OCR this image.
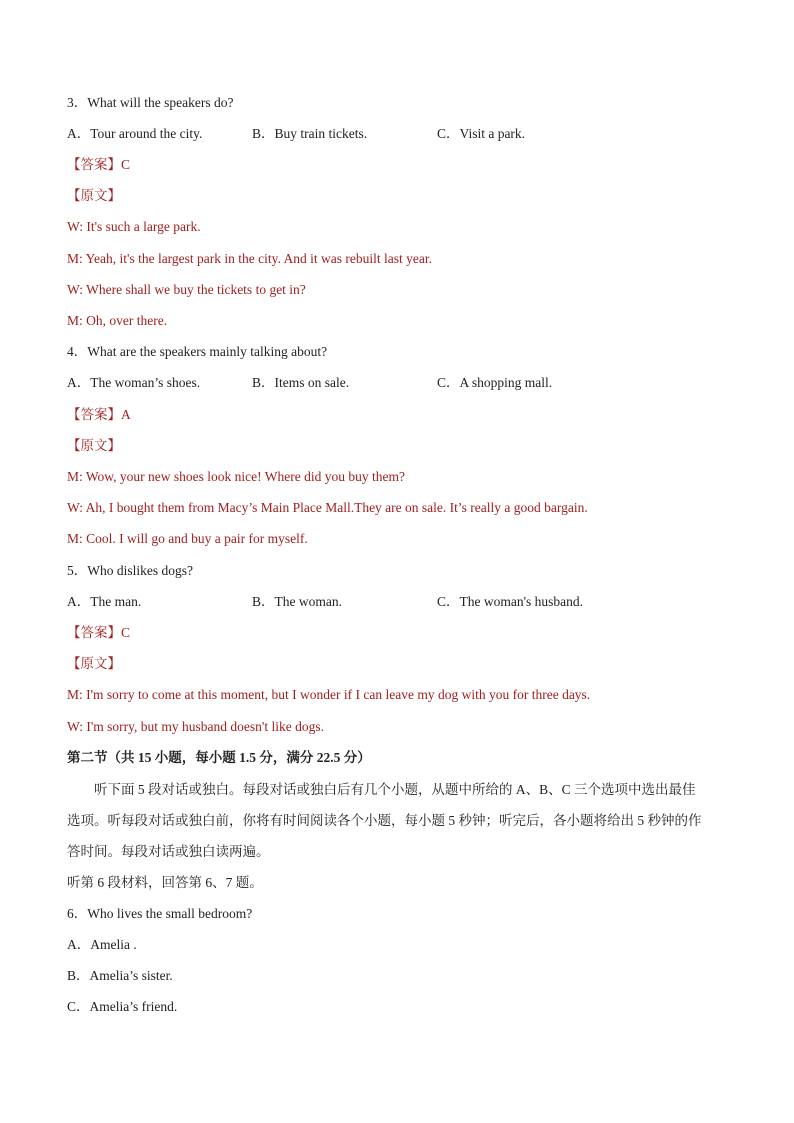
3．What will the speakers do?
A．Tour around the city.	B．Buy train tickets.	C．Visit a park.
【答案】C
【原文】
W: It's such a large park.
M: Yeah, it's the largest park in the city. And it was rebuilt last year.
W: Where shall we buy the tickets to get in?
M: Oh, over there.
4．What are the speakers mainly talking about?
A．The woman’s shoes.	B．Items on sale.	C．A shopping mall.
【答案】A
【原文】
M: Wow, your new shoes look nice! Where did you buy them?
W: Ah, I bought them from Macy’s Main Place Mall.They are on sale. It’s really a good bargain.
M: Cool. I will go and buy a pair for myself.
5．Who dislikes dogs?
A．The man.	B．The woman.	C．The woman's husband.
【答案】C
【原文】
M: I'm sorry to come at this moment, but I wonder if I can leave my dog with you for three days.
W: I'm sorry, but my husband doesn't like dogs.
第二节（共 15 小题，每小题 1.5 分，满分 22.5 分）
听下面 5 段对话或独白。每段对话或独白后有几个小题，从题中所给的 A、B、C 三个选项中选出最佳
选项。听每段对话或独白前，你将有时间阅读各个小题，每小题 5 秒钟；听完后，各小题将给出 5 秒钟的作
答时间。每段对话或独白读两遍。
听第 6 段材料，回答第 6、7 题。
6．Who lives the small bedroom?
A．Amelia .
B．Amelia’s sister.
C．Amelia’s friend.
